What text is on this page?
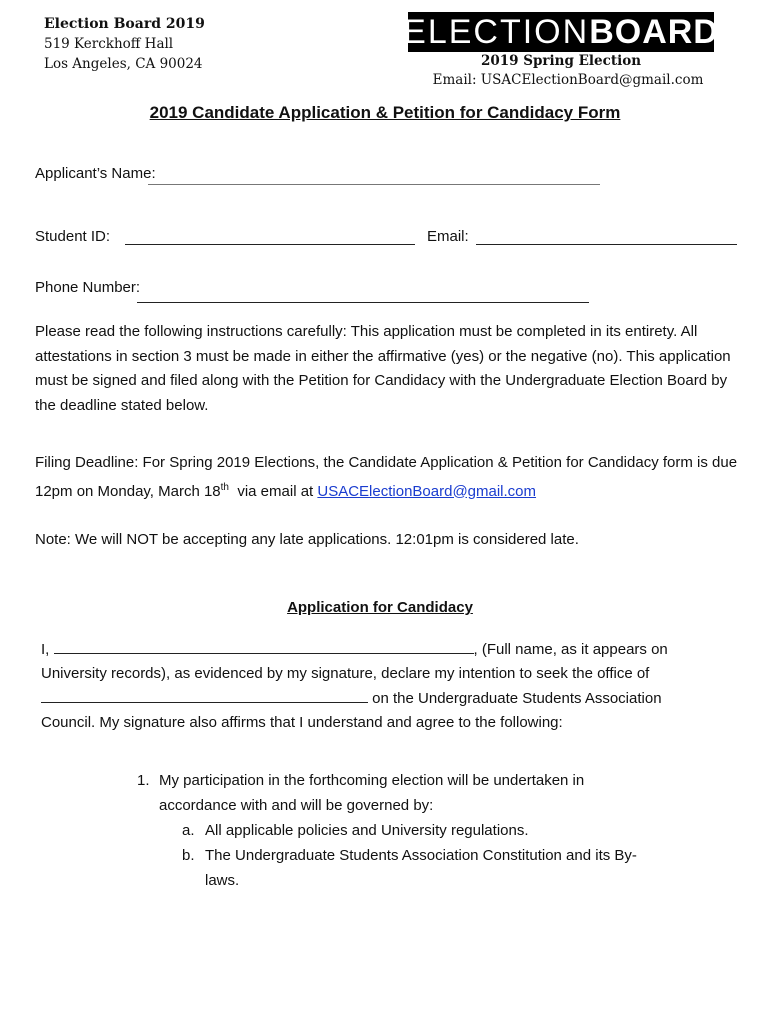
Election Board 2019
519 Kerckhoff Hall
Los Angeles, CA 90024
ELECTION BOARD
2019 Spring Election
Email: USACElectionBoard@gmail.com
2019 Candidate Application & Petition for Candidacy Form
Applicant’s Name:
Student ID:	Email:
Phone Number:
Please read the following instructions carefully: This application must be completed in its entirety. All attestations in section 3 must be made in either the affirmative (yes) or the negative (no). This application must be signed and filed along with the Petition for Candidacy with the Undergraduate Election Board by the deadline stated below.
Filing Deadline: For Spring 2019 Elections, the Candidate Application & Petition for Candidacy form is due 12pm on Monday, March 18th  via email at USACElectionBoard@gmail.com
Note: We will NOT be accepting any late applications. 12:01pm is considered late.
Application for Candidacy
I,	, (Full name, as it appears on
University records), as evidenced by my signature, declare my intention to seek the office of
on the Undergraduate Students Association
Council. My signature also affirms that I understand and agree to the following:
1. My participation in the forthcoming election will be undertaken in
accordance with and will be governed by:
a. All applicable policies and University regulations.
b. The Undergraduate Students Association Constitution and its By-
laws.
